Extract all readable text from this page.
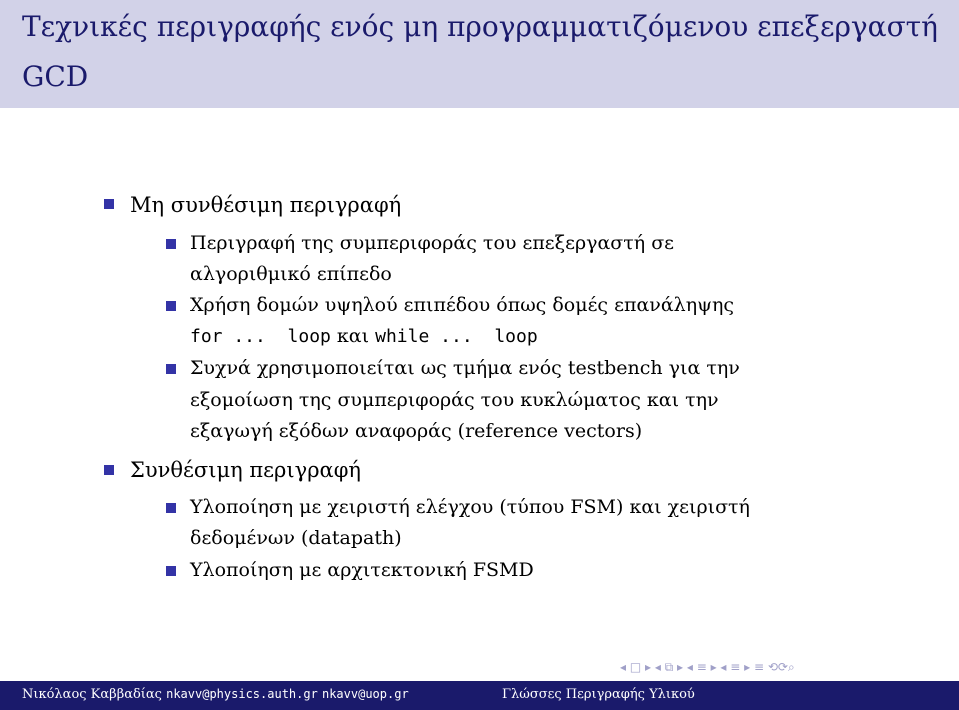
Τεχνικές περιγραφής ενός μη προγραμματιζόμενου επεξεργαστή GCD
Μη συνθέσιμη περιγραφή
Περιγραφή της συμπεριφοράς του επεξεργαστή σε
αλγοριθμικό επίπεδο
Χρήση δομών υψηλού επιπέδου όπως δομές επανάληψης
for ...  loop και while ...  loop
Συχνά χρησιμοποιείται ως τμήμα ενός testbench για την
εξομοίωση της συμπεριφοράς του κυκλώματος και την
εξαγωγή εξόδων αναφοράς (reference vectors)
Συνθέσιμη περιγραφή
Υλοποίηση με χειριστή ελέγχου (τύπου FSM) και χειριστή
δεδομένων (datapath)
Υλοποίηση με αρχιτεκτονική FSMD
◂ □ ▸ ◂ ⧉ ▸ ◂ ≡ ▸ ◂ ≡ ▸ ≡ ⟲⟳⌕
Νικόλαος Καββαδίας nkavv@physics.auth.gr nkavv@uop.gr	Γλώσσες Περιγραφής Υλικού
